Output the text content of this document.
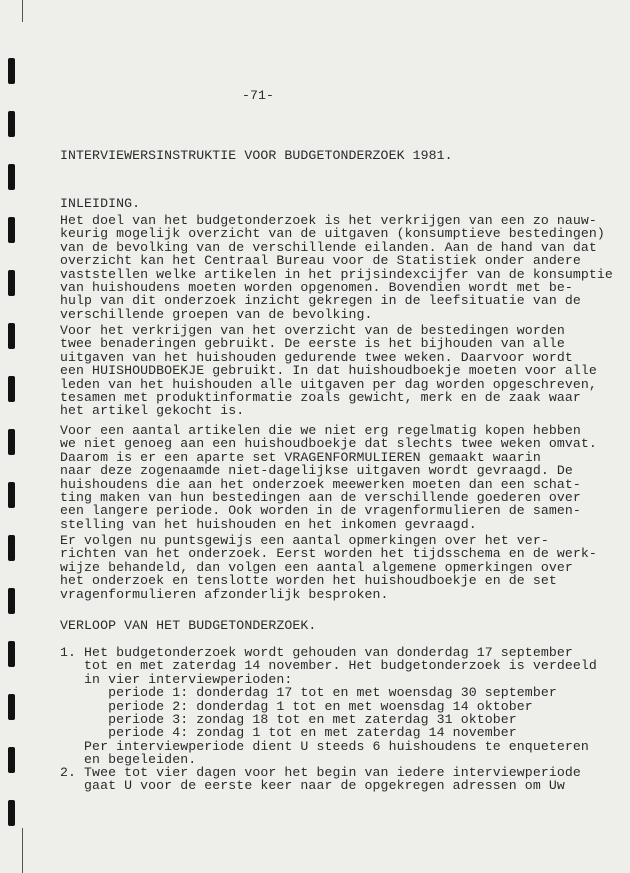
-71-
INTERVIEWERSINSTRUKTIE VOOR BUDGETONDERZOEK 1981.
INLEIDING.
Het doel van het budgetonderzoek is het verkrijgen van een zo nauw-
keurig mogelijk overzicht van de uitgaven (konsumptieve bestedingen)
van de bevolking van de verschillende eilanden. Aan de hand van dat
overzicht kan het Centraal Bureau voor de Statistiek onder andere
vaststellen welke artikelen in het prijsindexcijfer van de konsumptie
van huishoudens moeten worden opgenomen. Bovendien wordt met be-
hulp van dit onderzoek inzicht gekregen in de leefsituatie van de
verschillende groepen van de bevolking.
Voor het verkrijgen van het overzicht van de bestedingen worden
twee benaderingen gebruikt. De eerste is het bijhouden van alle
uitgaven van het huishouden gedurende twee weken. Daarvoor wordt
een HUISHOUDBOEKJE gebruikt. In dat huishoudboekje moeten voor alle
leden van het huishouden alle uitgaven per dag worden opgeschreven,
tesamen met produktinformatie zoals gewicht, merk en de zaak waar
het artikel gekocht is.
Voor een aantal artikelen die we niet erg regelmatig kopen hebben
we niet genoeg aan een huishoudboekje dat slechts twee weken omvat.
Daarom is er een aparte set VRAGENFORMULIEREN gemaakt waarin
naar deze zogenaamde niet-dagelijkse uitgaven wordt gevraagd. De
huishoudens die aan het onderzoek meewerken moeten dan een schat-
ting maken van hun bestedingen aan de verschillende goederen over
een langere periode. Ook worden in de vragenformulieren de samen-
stelling van het huishouden en het inkomen gevraagd.
Er volgen nu puntsgewijs een aantal opmerkingen over het ver-
richten van het onderzoek. Eerst worden het tijdsschema en de werk-
wijze behandeld, dan volgen een aantal algemene opmerkingen over
het onderzoek en tenslotte worden het huishoudboekje en de set
vragenformulieren afzonderlijk besproken.
VERLOOP VAN HET BUDGETONDERZOEK.
1. Het budgetonderzoek wordt gehouden van donderdag 17 september
tot en met zaterdag 14 november. Het budgetonderzoek is verdeeld
in vier interviewperioden:
periode 1: donderdag 17 tot en met woensdag 30 september
periode 2: donderdag 1 tot en met woensdag 14 oktober
periode 3: zondag 18 tot en met zaterdag 31 oktober
periode 4: zondag 1 tot en met zaterdag 14 november
Per interviewperiode dient U steeds 6 huishoudens te enqueteren
en begeleiden.
2. Twee tot vier dagen voor het begin van iedere interviewperiode
gaat U voor de eerste keer naar de opgekregen adressen om Uw
